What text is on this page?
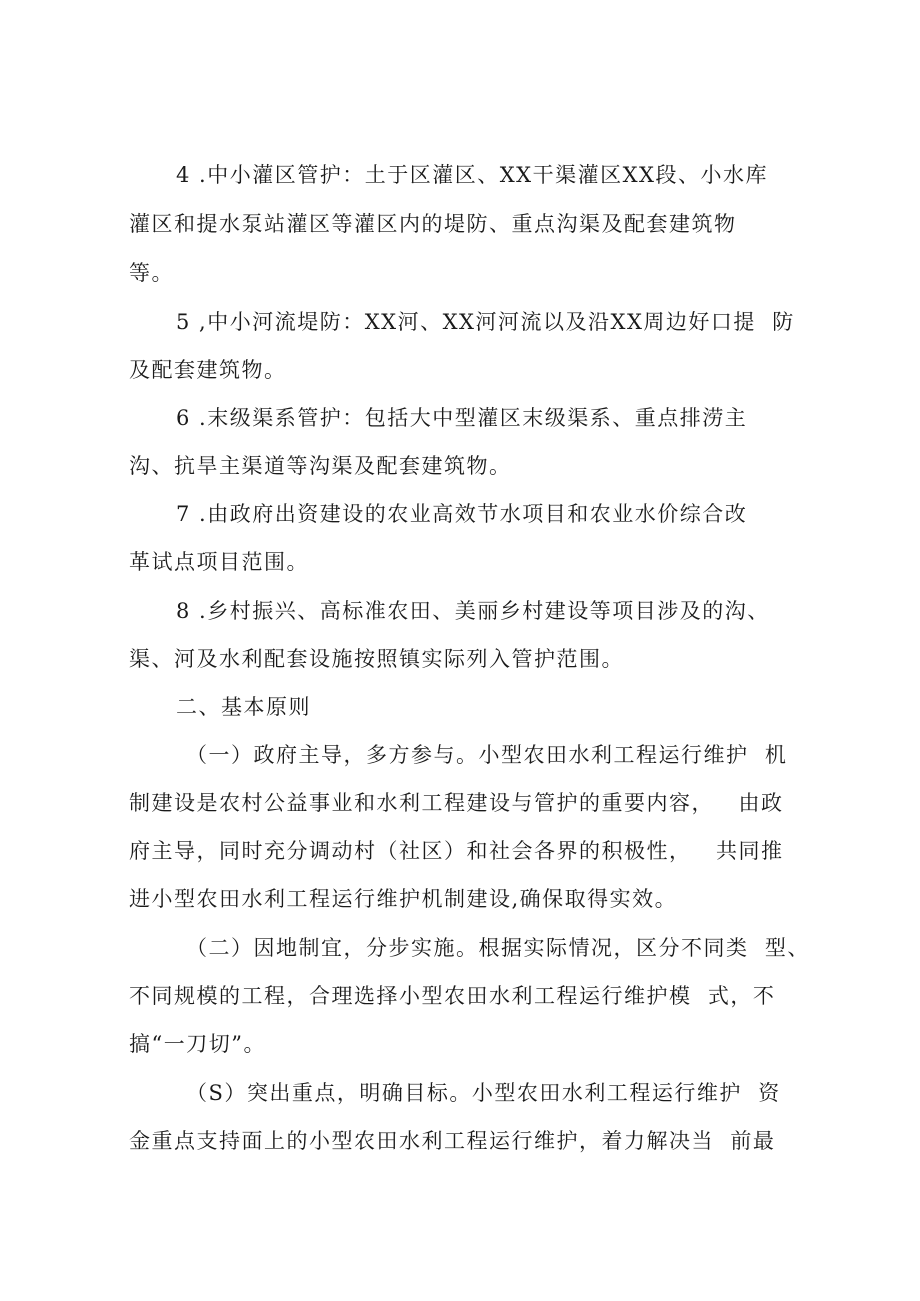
4 .中小灌区管护：土于区灌区、XX干渠灌区XX段、小水库
灌区和提水泵站灌区等灌区内的堤防、重点沟渠及配套建筑物
等。
5 ,中小河流堤防：XX河、XX河河流以及沿XX周边好口提  防
及配套建筑物。
6 .末级渠系管护：包括大中型灌区末级渠系、重点排涝主
沟、抗旱主渠道等沟渠及配套建筑物。
7 .由政府出资建设的农业高效节水项目和农业水价综合改
革试点项目范围。
8 .乡村振兴、高标准农田、美丽乡村建设等项目涉及的沟、
渠、河及水利配套设施按照镇实际列入管护范围。
二、基本原则
（一）政府主导，多方参与。小型农田水利工程运行维护  机
制建设是农村公益事业和水利工程建设与管护的重要内容，   由政
府主导，同时充分调动村（社区）和社会各界的积极性，   共同推
进小型农田水利工程运行维护机制建设,确保取得实效。
（二）因地制宜，分步实施。根据实际情况，区分不同类  型、
不同规模的工程，合理选择小型农田水利工程运行维护模  式，不
搞“一刀切”。
（S）突出重点，明确目标。小型农田水利工程运行维护  资
金重点支持面上的小型农田水利工程运行维护，着力解决当  前最
